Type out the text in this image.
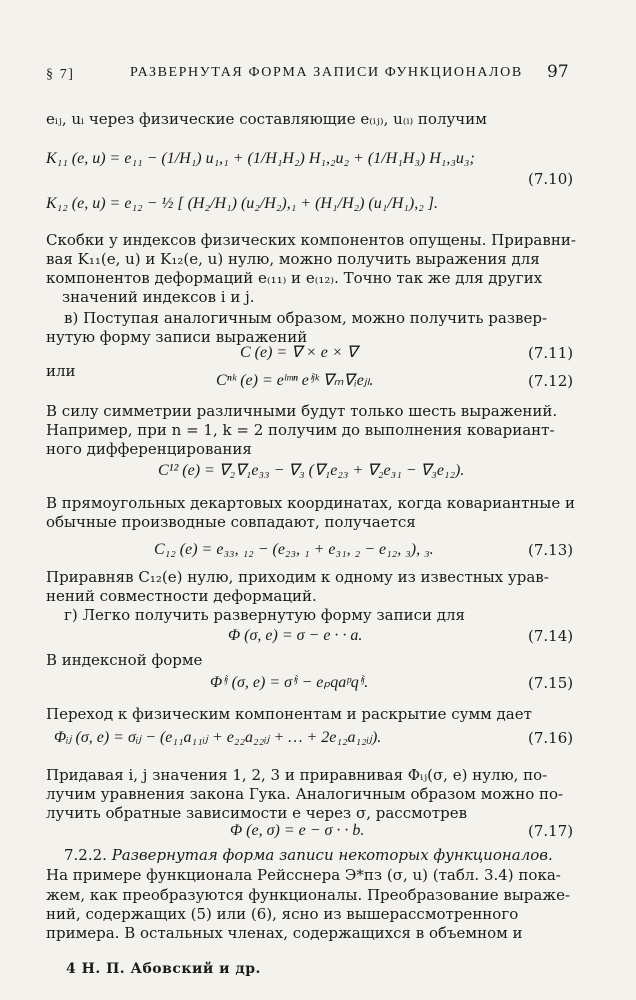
§ 7]	РАЗВЕРНУТАЯ ФОРМА ЗАПИСИ ФУНКЦИОНАЛОВ 97
eᵢⱼ, uᵢ через физические составляющие e₍ᵢⱼ₎, u₍ᵢ₎ получим
K₁₁ (e, u) = e₁₁ − (1/H₁) u₁,₁ + (1/H₁H₂) H₁,₂u₂ + (1/H₁H₃) H₁,₃u₃;
K₁₂ (e, u) = e₁₂ − ½ [ (H₂/H₁) (u₂/H₂),₁ + (H₁/H₂) (u₁/H₁),₂ ].
(7.10)
Скобки у индексов физических компонентов опущены. Приравни-
вая K₁₁(e, u) и K₁₂(e, u) нулю, можно получить выражения для
компонентов деформаций e₍₁₁₎ и e₍₁₂₎. Точно так же для других
значений индексов i и j.
в) Поступая аналогичным образом, можно получить развер-
нутую форму записи выражений
C (e) = ∇ × e × ∇	(7.11)
или
Cⁿᵏ (e) = eˡᵐⁿ eⁱʲᵏ ∇ₘ∇ᵢeⱼₗ.	(7.12)
В силу симметрии различными будут только шесть выражений.
Например, при n = 1, k = 2 получим до выполнения ковариант-
ного дифференцирования
C¹² (e) = ∇₂∇₁e₃₃ − ∇₃ (∇₁e₂₃ + ∇₂e₃₁ − ∇₃e₁₂).
В прямоугольных декартовых координатах, когда ковариантные и
обычные производные совпадают, получается
C₁₂ (e) = e₃₃, ₁₂ − (e₂₃, ₁ + e₃₁, ₂ − e₁₂, ₃), ₃.	(7.13)
Приравняв C₁₂(e) нулю, приходим к одному из известных урав-
нений совместности деформаций.
г) Легко получить развернутую форму записи для
Φ (σ, e) = σ − e · · a.	(7.14)
В индексной форме
Φⁱʲ (σ, e) = σⁱʲ − eₚqaᵖqⁱʲ.	(7.15)
Переход к физическим компонентам и раскрытие сумм дает
Φᵢⱼ (σ, e) = σᵢⱼ − (e₁₁a₁₁ᵢⱼ + e₂₂a₂₂ᵢⱼ + … + 2e₁₂a₁₂ᵢⱼ).	(7.16)
Придавая i, j значения 1, 2, 3 и приравнивая Φᵢⱼ(σ, e) нулю, по-
лучим уравнения закона Гука. Аналогичным образом можно по-
лучить обратные зависимости e через σ, рассмотрев
Φ (e, σ) = e − σ · · b.	(7.17)
7.2.2. Развернутая форма записи некоторых функционалов.
На примере функционала Рейсснера Э*пз (σ, u) (табл. 3.4) пока-
жем, как преобразуются функционалы. Преобразование выраже-
ний, содержащих (5) или (6), ясно из вышерассмотренного
примера. В остальных членах, содержащихся в объемном и
4 Н. П. Абовский и др.
